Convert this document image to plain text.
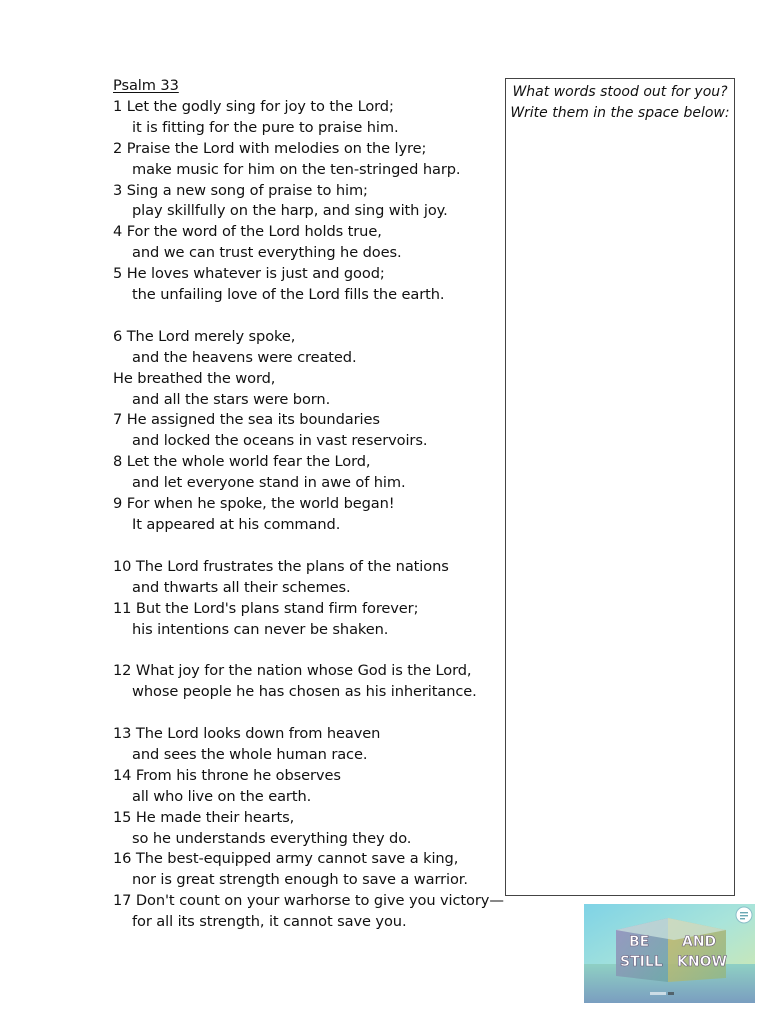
Psalm 33
1 Let the godly sing for joy to the Lord;
it is fitting for the pure to praise him.
2 Praise the Lord with melodies on the lyre;
make music for him on the ten-stringed harp.
3 Sing a new song of praise to him;
play skillfully on the harp, and sing with joy.
4 For the word of the Lord holds true,
and we can trust everything he does.
5 He loves whatever is just and good;
the unfailing love of the Lord fills the earth.
6 The Lord merely spoke,
and the heavens were created.
He breathed the word,
and all the stars were born.
7 He assigned the sea its boundaries
and locked the oceans in vast reservoirs.
8 Let the whole world fear the Lord,
and let everyone stand in awe of him.
9 For when he spoke, the world began!
It appeared at his command.
10 The Lord frustrates the plans of the nations
and thwarts all their schemes.
11 But the Lord's plans stand firm forever;
his intentions can never be shaken.
12 What joy for the nation whose God is the Lord,
whose people he has chosen as his inheritance.
13 The Lord looks down from heaven
and sees the whole human race.
14 From his throne he observes
all who live on the earth.
15 He made their hearts,
so he understands everything they do.
16 The best-equipped army cannot save a king,
nor is great strength enough to save a warrior.
17 Don't count on your warhorse to give you victory—
for all its strength, it cannot save you.
What words stood out for you?
Write them in the space below:
BE AND
STILL KNOW
